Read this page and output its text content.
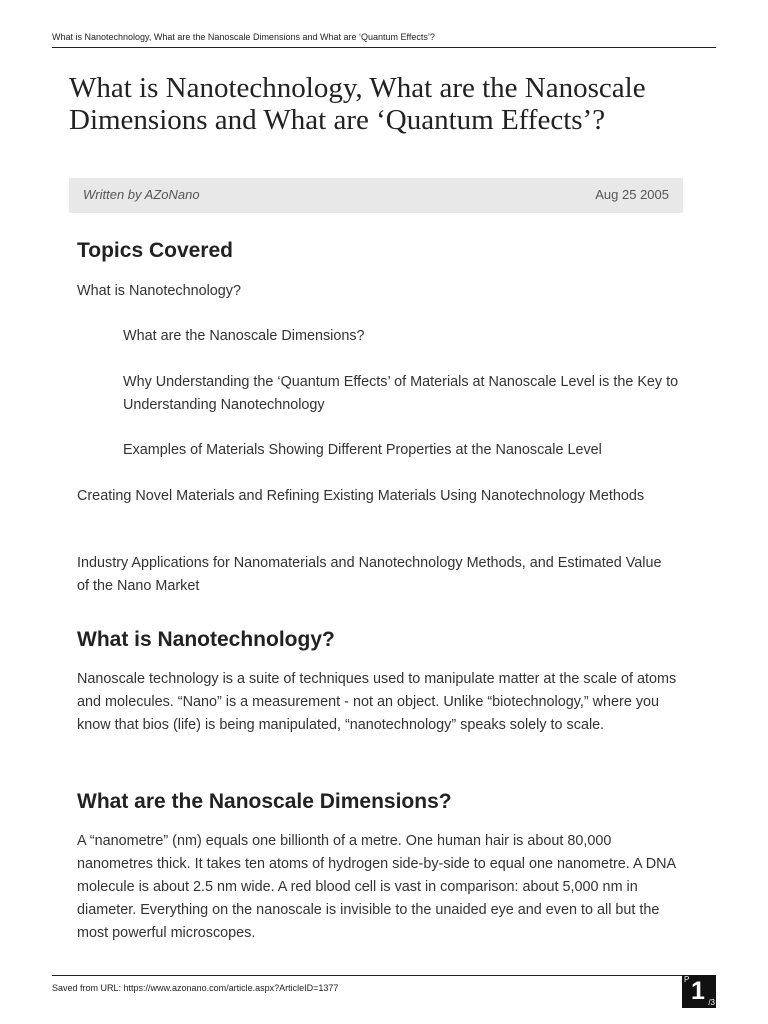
What is Nanotechnology, What are the Nanoscale Dimensions and What are ‘Quantum Effects’?
What is Nanotechnology, What are the Nanoscale Dimensions and What are ‘Quantum Effects’?
Written by AZoNano	Aug 25 2005
Topics Covered
What is Nanotechnology?
What are the Nanoscale Dimensions?
Why Understanding the ‘Quantum Effects’ of Materials at Nanoscale Level is the Key to Understanding Nanotechnology
Examples of Materials Showing Different Properties at the Nanoscale Level
Creating Novel Materials and Refining Existing Materials Using Nanotechnology Methods
Industry Applications for Nanomaterials and Nanotechnology Methods, and Estimated Value of the Nano Market
What is Nanotechnology?

Nanoscale technology is a suite of techniques used to manipulate matter at the scale of atoms and molecules. “Nano” is a measurement - not an object. Unlike “biotechnology,” where you know that bios (life) is being manipulated, “nanotechnology” speaks solely to scale.

What are the Nanoscale Dimensions?

A “nanometre” (nm) equals one billionth of a metre. One human hair is about 80,000 nanometres thick. It takes ten atoms of hydrogen side-by-side to equal one nanometre. A DNA molecule is about 2.5 nm wide. A red blood cell is vast in comparison: about 5,000 nm in diameter. Everything on the nanoscale is invisible to the unaided eye and even to all but the most powerful microscopes.

Saved from URL: https://www.azonano.com/article.aspx?ArticleID=1377
P 1 /3
